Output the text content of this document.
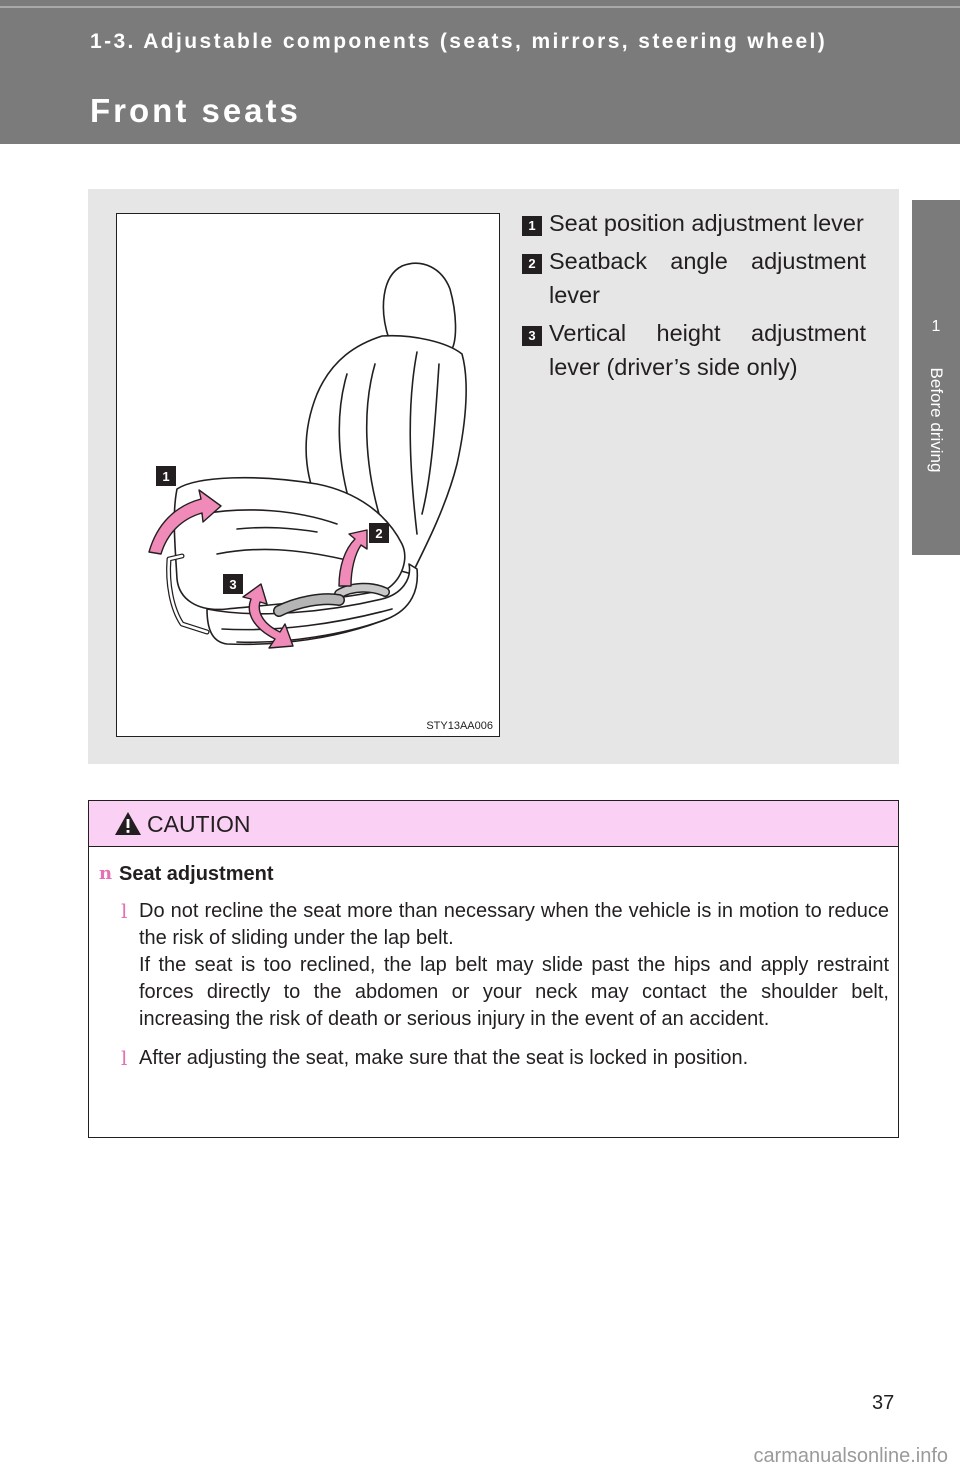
1-3. Adjustable components (seats, mirrors, steering wheel)
Front seats
1
Before driving
1
2
3
STY13AA006
1 Seat position adjustment lever
2 Seatback angle adjustment lever
3 Vertical height adjustment lever (driver’s side only)
CAUTION
n Seat adjustment
l Do not recline the seat more than necessary when the vehicle is in motion to reduce the risk of sliding under the lap belt.

If the seat is too reclined, the lap belt may slide past the hips and apply restraint forces directly to the abdomen or your neck may contact the shoulder belt, increasing the risk of death or serious injury in the event of an accident.

l After adjusting the seat, make sure that the seat is locked in position.

37
carmanualsonline.info
